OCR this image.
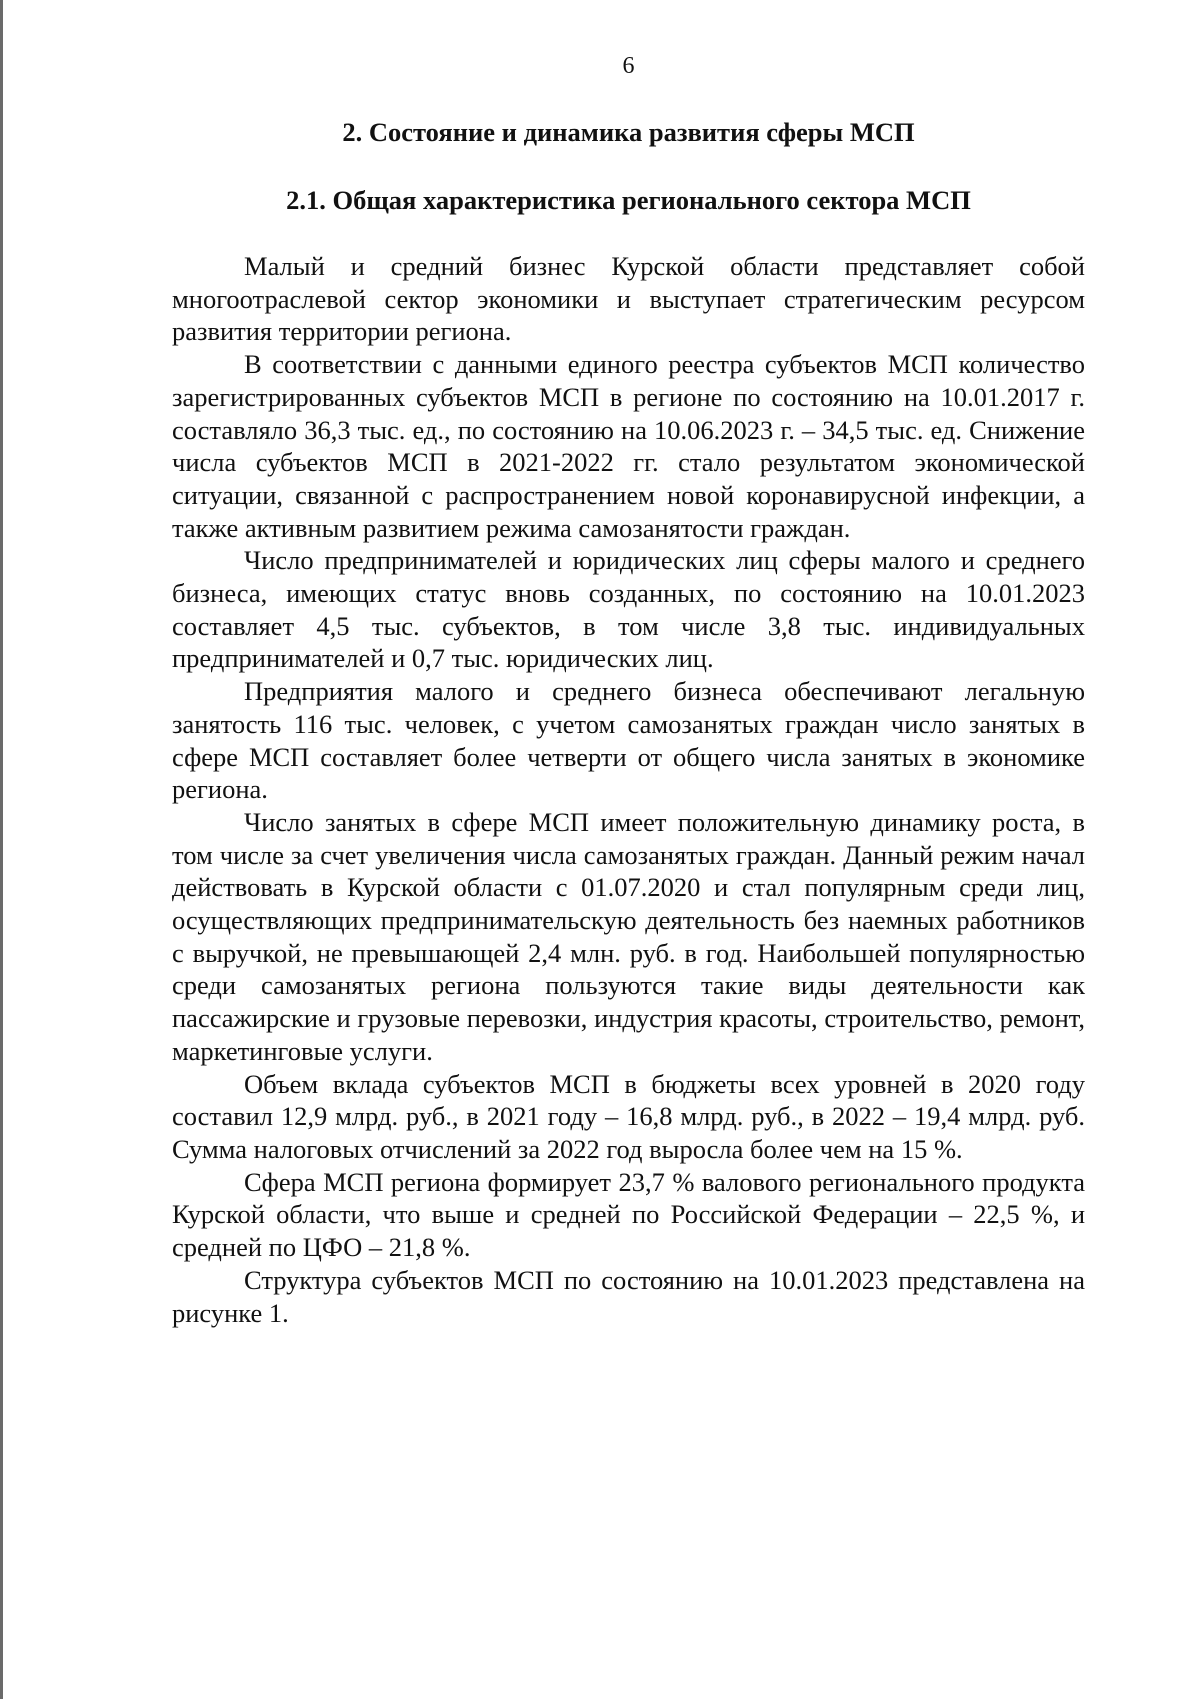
6
2. Состояние и динамика развития сферы МСП
2.1. Общая характеристика регионального сектора МСП

Малый и средний бизнес Курской области представляет собой многоотраслевой сектор экономики и выступает стратегическим ресурсом развития территории региона.

В соответствии с данными единого реестра субъектов МСП количество зарегистрированных субъектов МСП в регионе по состоянию на 10.01.2017 г. составляло 36,3 тыс. ед., по состоянию на 10.06.2023 г. – 34,5 тыс. ед. Снижение числа субъектов МСП в 2021-2022 гг. стало результатом экономической ситуации, связанной с распространением новой коронавирусной инфекции, а также активным развитием режима самозанятости граждан.

Число предпринимателей и юридических лиц сферы малого и среднего бизнеса, имеющих статус вновь созданных, по состоянию на 10.01.2023 составляет 4,5 тыс. субъектов, в том числе 3,8 тыс. индивидуальных предпринимателей и 0,7 тыс. юридических лиц.

Предприятия малого и среднего бизнеса обеспечивают легальную занятость 116 тыс. человек, с учетом самозанятых граждан число занятых в сфере МСП составляет более четверти от общего числа занятых в экономике региона.

Число занятых в сфере МСП имеет положительную динамику роста, в том числе за счет увеличения числа самозанятых граждан. Данный режим начал действовать в Курской области с 01.07.2020 и стал популярным среди лиц, осуществляющих предпринимательскую деятельность без наемных работников с выручкой, не превышающей 2,4 млн. руб. в год. Наибольшей популярностью среди самозанятых региона пользуются такие виды деятельности как пассажирские и грузовые перевозки, индустрия красоты, строительство, ремонт, маркетинговые услуги.

Объем вклада субъектов МСП в бюджеты всех уровней в 2020 году составил 12,9 млрд. руб., в 2021 году – 16,8 млрд. руб., в 2022 – 19,4 млрд. руб. Сумма налоговых отчислений за 2022 год выросла более чем на 15 %.

Сфера МСП региона формирует 23,7 % валового регионального продукта Курской области, что выше и средней по Российской Федерации – 22,5 %, и средней по ЦФО – 21,8 %.

Структура субъектов МСП по состоянию на 10.01.2023 представлена на рисунке 1.
